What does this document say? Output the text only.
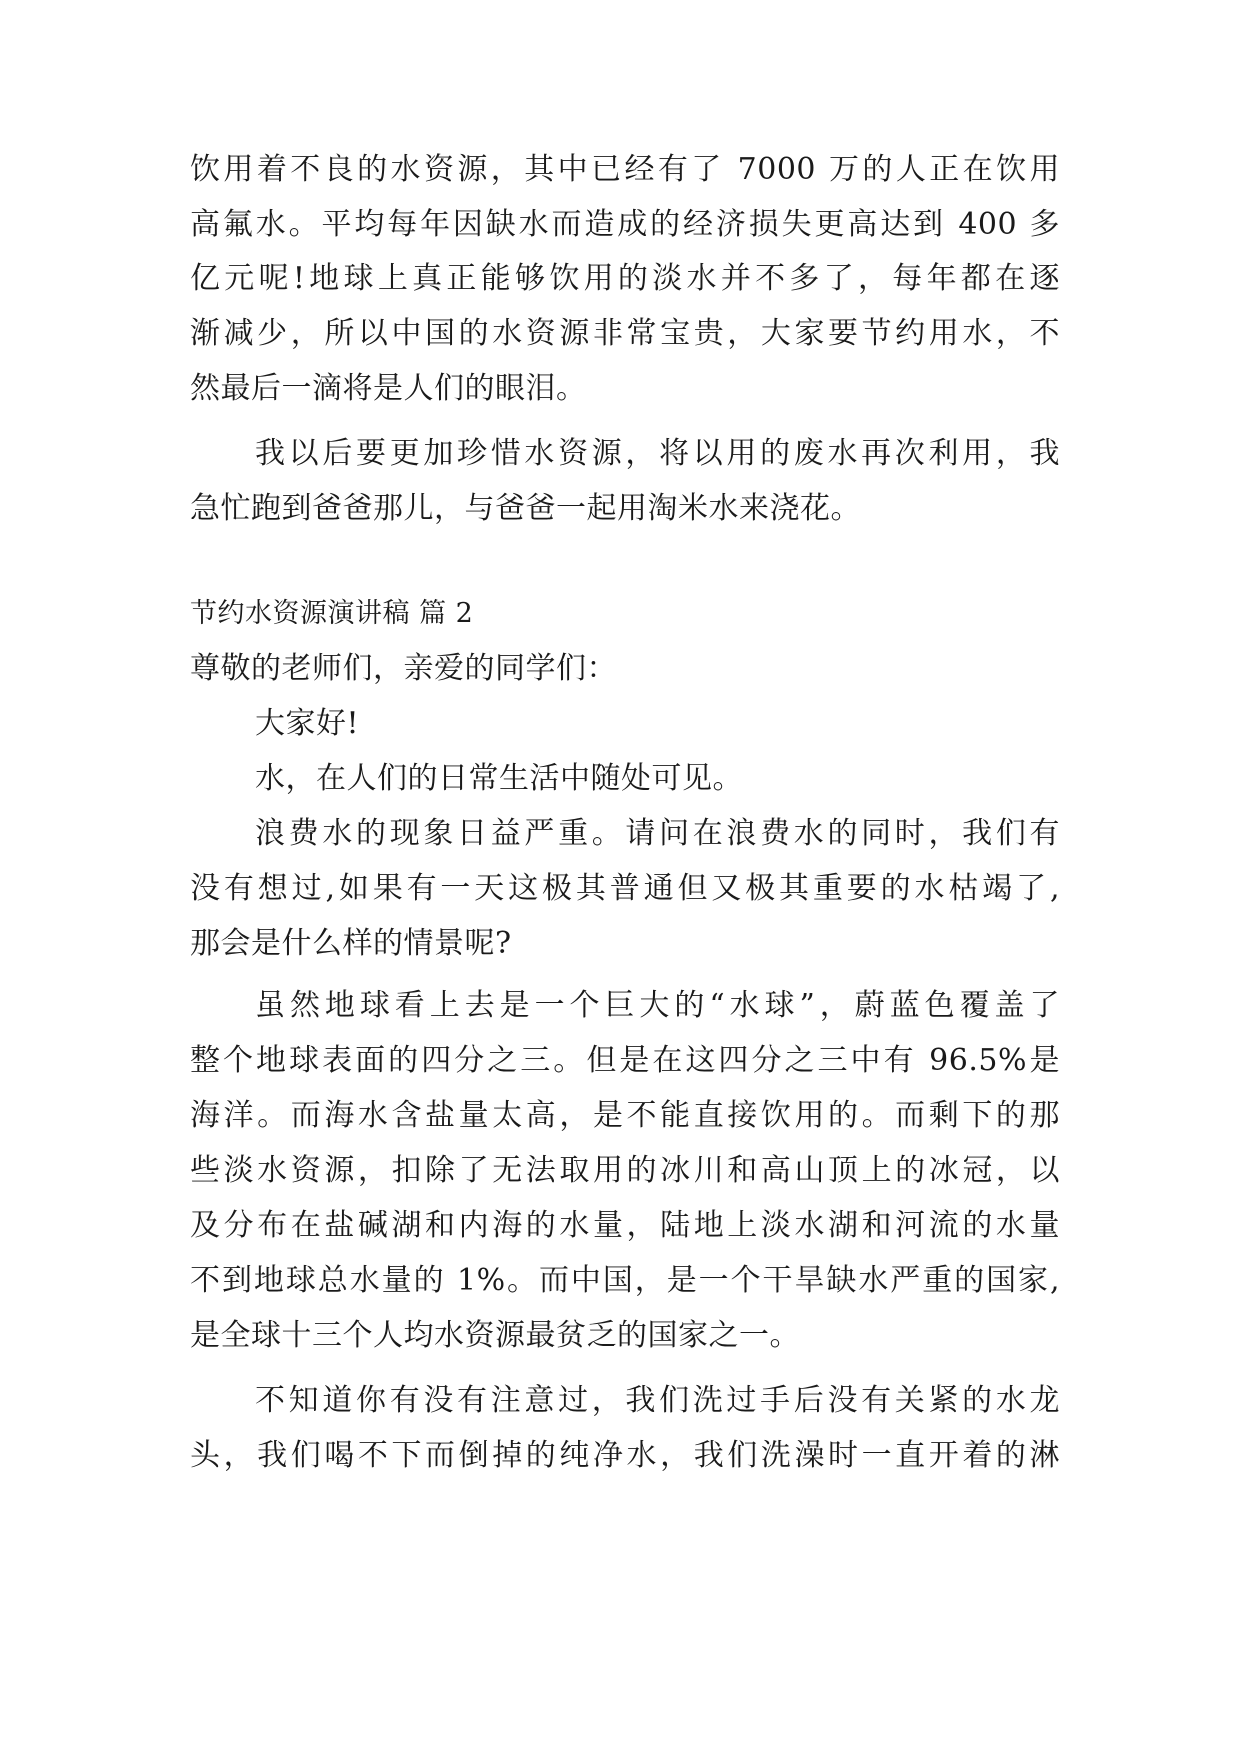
饮用着不良的水资源，其中已经有了 7000 万的人正在饮用
高氟水。平均每年因缺水而造成的经济损失更高达到 400 多
亿元呢!地球上真正能够饮用的淡水并不多了，每年都在逐
渐减少，所以中国的水资源非常宝贵，大家要节约用水，不
然最后一滴将是人们的眼泪。
我以后要更加珍惜水资源，将以用的废水再次利用，我
急忙跑到爸爸那儿，与爸爸一起用淘米水来浇花。
节约水资源演讲稿 篇 2
尊敬的老师们，亲爱的同学们：
大家好!
水，在人们的日常生活中随处可见。
浪费水的现象日益严重。请问在浪费水的同时，我们有
没有想过,如果有一天这极其普通但又极其重要的水枯竭了,
那会是什么样的情景呢?
虽然地球看上去是一个巨大的“水球”，蔚蓝色覆盖了
整个地球表面的四分之三。但是在这四分之三中有 96.5%是
海洋。而海水含盐量太高，是不能直接饮用的。而剩下的那
些淡水资源，扣除了无法取用的冰川和高山顶上的冰冠，以
及分布在盐碱湖和内海的水量，陆地上淡水湖和河流的水量
不到地球总水量的 1%。而中国，是一个干旱缺水严重的国家,
是全球十三个人均水资源最贫乏的国家之一。
不知道你有没有注意过，我们洗过手后没有关紧的水龙
头，我们喝不下而倒掉的纯净水，我们洗澡时一直开着的淋
